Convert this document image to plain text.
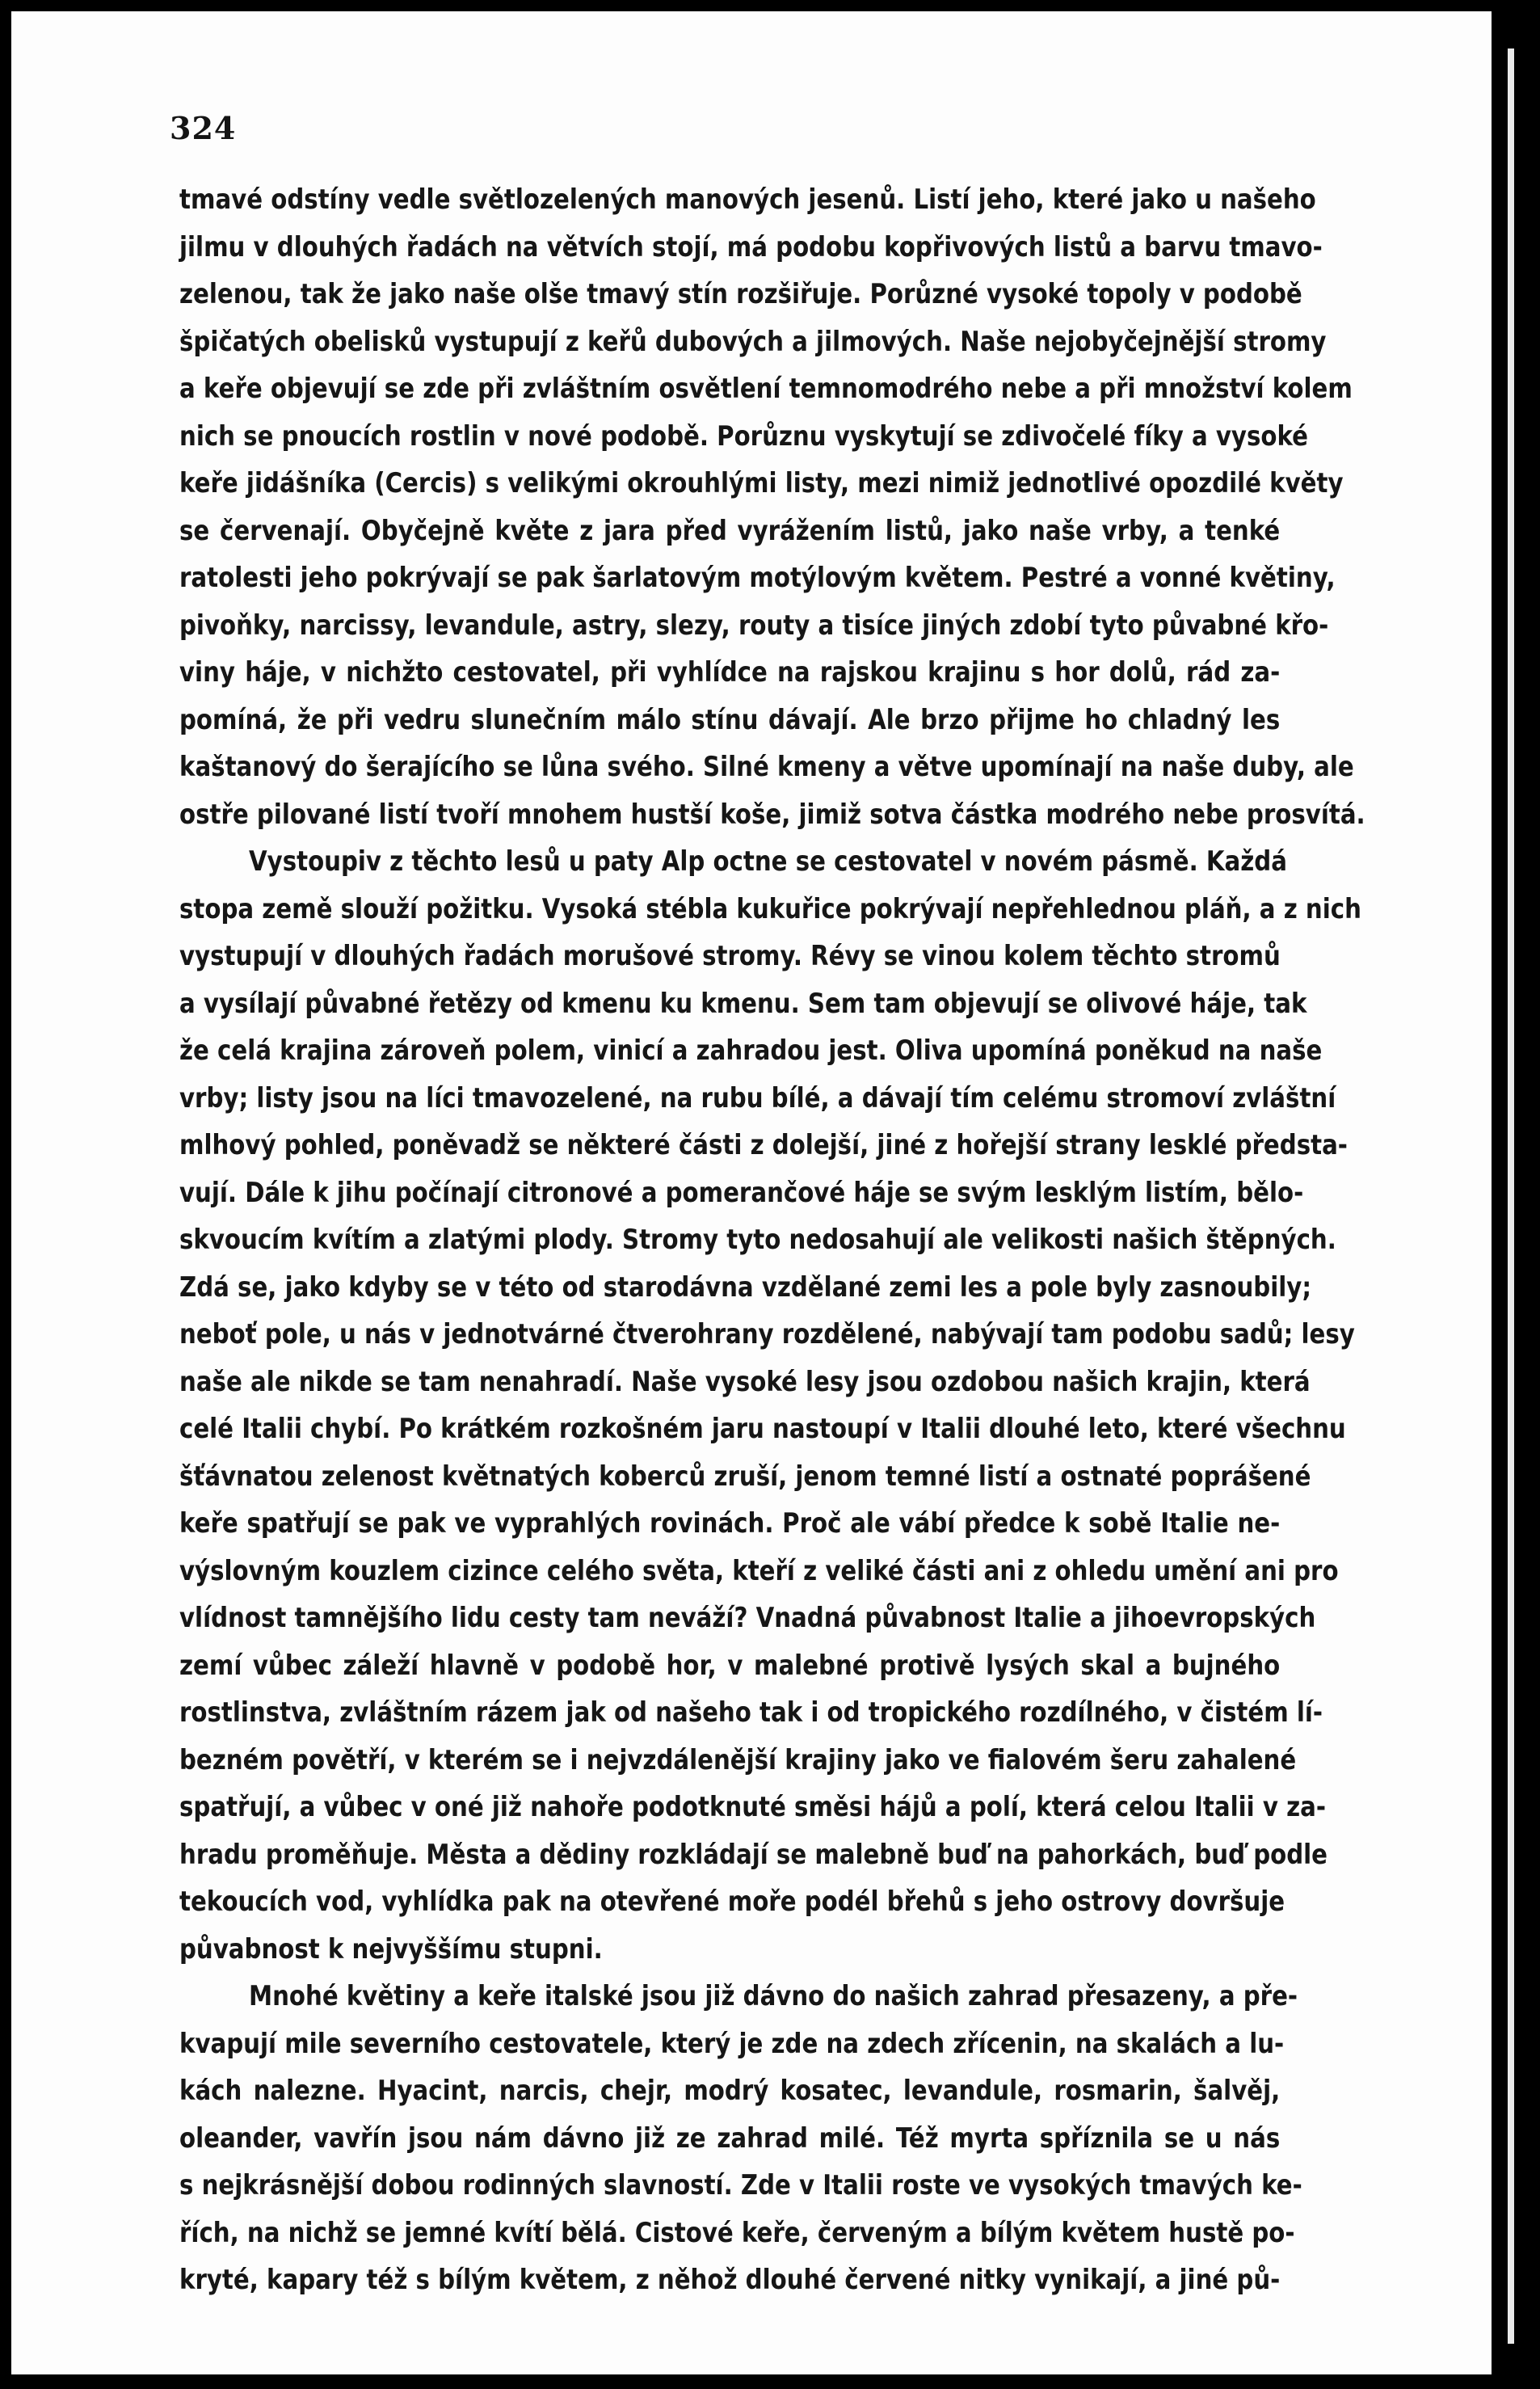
324

tmavé odstíny vedle světlozelených manových jesenů. Listí jeho, které jako u našeho
jilmu v dlouhých řadách na větvích stojí, má podobu kopřivových listů a barvu tmavo-
zelenou, tak že jako naše olše tmavý stín rozšiřuje. Porůzné vysoké topoly v podobě
špičatých obelisků vystupují z keřů dubových a jilmových. Naše nejobyčejnější stromy
a keře objevují se zde při zvláštním osvětlení temnomodrého nebe a při množství kolem
nich se pnoucích rostlin v nové podobě. Porůznu vyskytují se zdivočelé fíky a vysoké
keře jidášníka (Cercis) s velikými okrouhlými listy, mezi nimiž jednotlivé opozdilé květy
se červenají. Obyčejně květe z jara před vyrážením listů, jako naše vrby, a tenké
ratolesti jeho pokrývají se pak šarlatovým motýlovým květem. Pestré a vonné květiny,
pivoňky, narcissy, levandule, astry, slezy, routy a tisíce jiných zdobí tyto půvabné křo-
viny háje, v nichžto cestovatel, při vyhlídce na rajskou krajinu s hor dolů, rád za-
pomíná, že při vedru slunečním málo stínu dávají. Ale brzo přijme ho chladný les
kaštanový do šerajícího se lůna svého. Silné kmeny a větve upomínají na naše duby, ale
ostře pilované listí tvoří mnohem hustší koše, jimiž sotva částka modrého nebe prosvítá.

Vystoupiv z těchto lesů u paty Alp octne se cestovatel v novém pásmě. Každá
stopa země slouží požitku. Vysoká stébla kukuřice pokrývají nepřehlednou pláň, a z nich
vystupují v dlouhých řadách morušové stromy. Révy se vinou kolem těchto stromů
a vysílají půvabné řetězy od kmenu ku kmenu. Sem tam objevují se olivové háje, tak
že celá krajina zároveň polem, vinicí a zahradou jest. Oliva upomíná poněkud na naše
vrby; listy jsou na líci tmavozelené, na rubu bílé, a dávají tím celému stromoví zvláštní
mlhový pohled, poněvadž se některé části z dolejší, jiné z hořejší strany lesklé předsta-
vují. Dále k jihu počínají citronové a pomerančové háje se svým lesklým listím, bělo-
skvoucím kvítím a zlatými plody. Stromy tyto nedosahují ale velikosti našich štěpných.
Zdá se, jako kdyby se v této od starodávna vzdělané zemi les a pole byly zasnoubily;
neboť pole, u nás v jednotvárné čtverohrany rozdělené, nabývají tam podobu sadů; lesy
naše ale nikde se tam nenahradí. Naše vysoké lesy jsou ozdobou našich krajin, která
celé Italii chybí. Po krátkém rozkošném jaru nastoupí v Italii dlouhé leto, které všechnu
šťávnatou zelenost květnatých koberců zruší, jenom temné listí a ostnaté poprášené
keře spatřují se pak ve vyprahlých rovinách. Proč ale vábí předce k sobě Italie ne-
výslovným kouzlem cizince celého světa, kteří z veliké části ani z ohledu umění ani pro
vlídnost tamnějšího lidu cesty tam neváží? Vnadná půvabnost Italie a jihoevropských
zemí vůbec záleží hlavně v podobě hor, v malebné protivě lysých skal a bujného
rostlinstva, zvláštním rázem jak od našeho tak i od tropického rozdílného, v čistém lí-
bezném povětří, v kterém se i nejvzdálenější krajiny jako ve fialovém šeru zahalené
spatřují, a vůbec v oné již nahoře podotknuté směsi hájů a polí, která celou Italii v za-
hradu proměňuje. Města a dědiny rozkládají se malebně buď na pahorkách, buď podle
tekoucích vod, vyhlídka pak na otevřené moře podél břehů s jeho ostrovy dovršuje
půvabnost k nejvyššímu stupni.

Mnohé květiny a keře italské jsou již dávno do našich zahrad přesazeny, a pře-
kvapují mile severního cestovatele, který je zde na zdech zřícenin, na skalách a lu-
kách nalezne. Hyacint, narcis, chejr, modrý kosatec, levandule, rosmarin, šalvěj,
oleander, vavřín jsou nám dávno již ze zahrad milé. Též myrta spříznila se u nás
s nejkrásnější dobou rodinných slavností. Zde v Italii roste ve vysokých tmavých ke-
řích, na nichž se jemné kvítí bělá. Cistové keře, červeným a bílým květem hustě po-
kryté, kapary též s bílým květem, z něhož dlouhé červené nitky vynikají, a jiné pů-
